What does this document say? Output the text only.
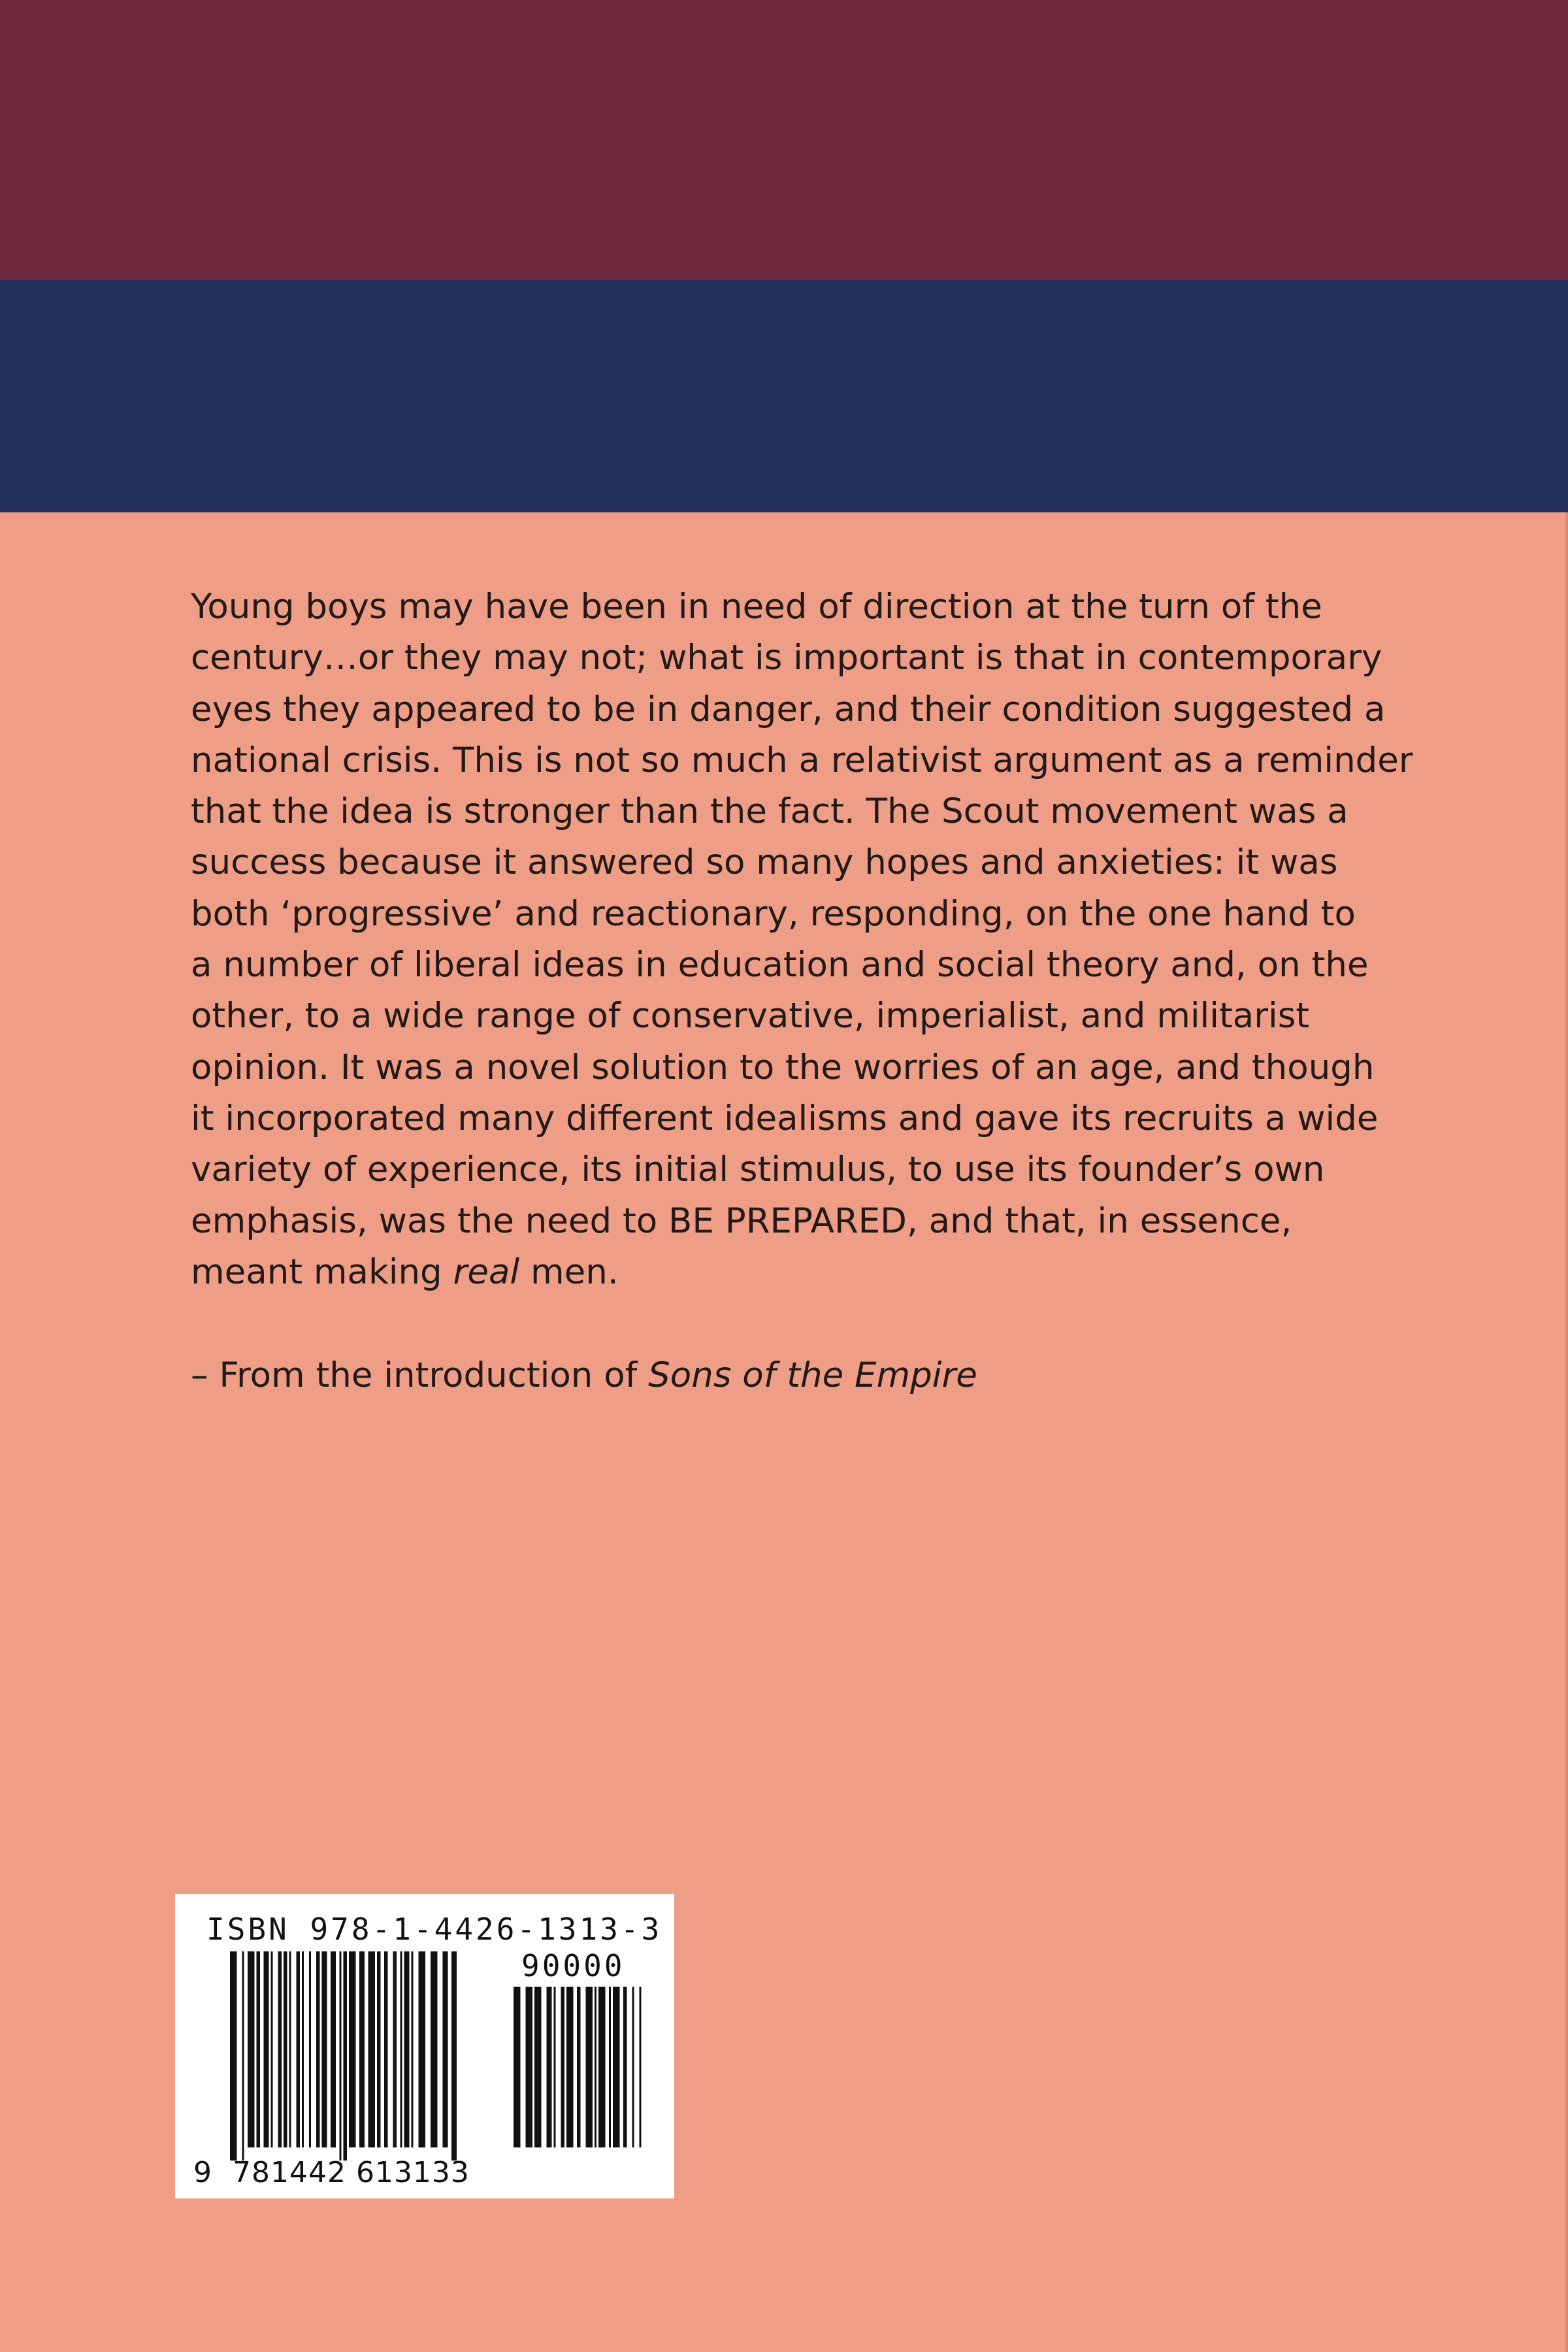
Young boys may have been in need of direction at the turn of the
century…or they may not; what is important is that in contemporary
eyes they appeared to be in danger, and their condition suggested a
national crisis. This is not so much a relativist argument as a reminder
that the idea is stronger than the fact. The Scout movement was a
success because it answered so many hopes and anxieties: it was
both ‘progressive’ and reactionary, responding, on the one hand to
a number of liberal ideas in education and social theory and, on the
other, to a wide range of conservative, imperialist, and militarist
opinion. It was a novel solution to the worries of an age, and though
it incorporated many different idealisms and gave its recruits a wide
variety of experience, its initial stimulus, to use its founder’s own
emphasis, was the need to BE PREPARED, and that, in essence,
meant making real men.

– From the introduction of Sons of the Empire

ISBN 978-1-4426-1313-3
90000
9 781442 613133
